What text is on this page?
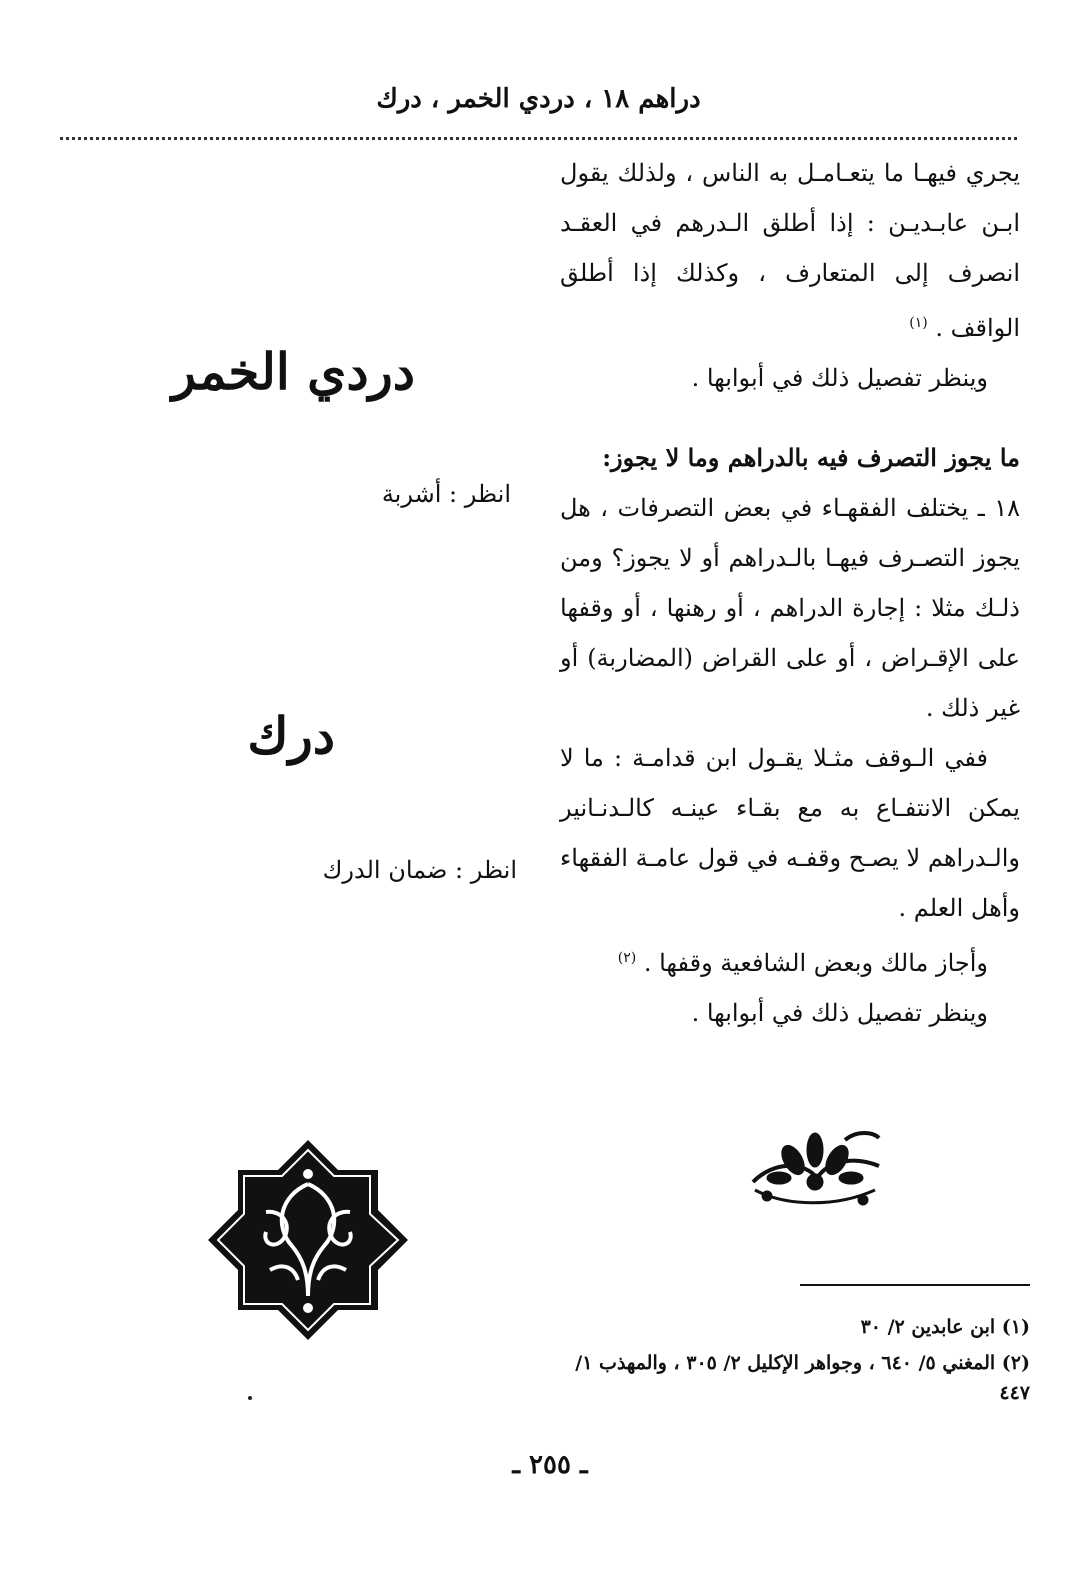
دراهم ١٨ ، دردي الخمر ، درك

يجري فيهـا ما يتعـامـل به الناس ، ولذلك يقول ابـن عابـديـن : إذا أطلق الـدرهم في العقـد انصرف إلى المتعارف ، وكذلك إذا أطلق الواقف . $^{(١)}$

وينظر تفصيل ذلك في أبوابها .

ما يجوز التصرف فيه بالدراهم وما لا يجوز:

١٨ ـ يختلف الفقهـاء في بعض التصرفات ، هل يجوز التصـرف فيهـا بالـدراهم أو لا يجوز؟ ومن ذلـك مثلا : إجارة الدراهم ، أو رهنها ، أو وقفها على الإقـراض ، أو على القراض (المضاربة) أو غير ذلك .

ففي الـوقف مثـلا يقـول ابن قدامـة : ما لا يمكن الانتفـاع به مع بقـاء عينـه كالـدنـانير والـدراهم لا يصـح وقفـه في قول عامـة الفقهاء وأهل العلم .

وأجاز مالك وبعض الشافعية وقفها . $^{(٢)}$

وينظر تفصيل ذلك في أبوابها .

دردي الخمر
انظر : أشربة
درك
انظر : ضمان الدرك

(١) ابن عابدين ٢/ ٣٠

(٢) المغني ٥/ ٦٤٠ ، وجواهر الإكليل ٢/ ٣٠٥ ، والمهذب ١/ ٤٤٧

ـ ٢٥٥ ـ
